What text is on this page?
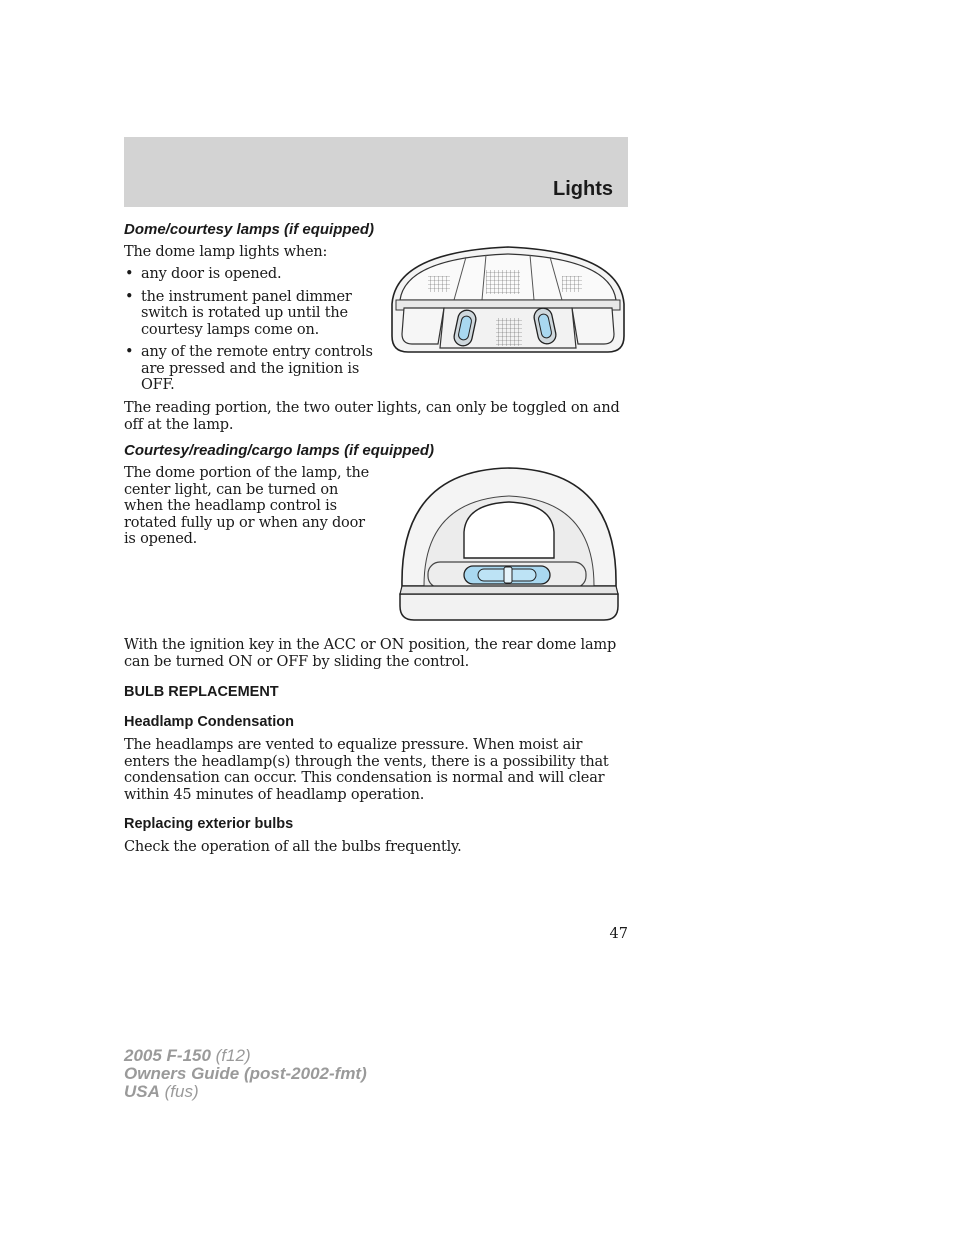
Lights
Dome/courtesy lamps (if equipped)

The dome lamp lights when:

• any door is opened.
• the instrument panel dimmer switch is rotated up until the courtesy lamps come on.
• any of the remote entry controls are pressed and the ignition is OFF.

The reading portion, the two outer lights, can only be toggled on and off at the lamp.

Courtesy/reading/cargo lamps (if equipped)

The dome portion of the lamp, the center light, can be turned on when the headlamp control is rotated fully up or when any door is opened.

With the ignition key in the ACC or ON position, the rear dome lamp can be turned ON or OFF by sliding the control.

BULB REPLACEMENT
Headlamp Condensation

The headlamps are vented to equalize pressure. When moist air enters the headlamp(s) through the vents, there is a possibility that condensation can occur. This condensation is normal and will clear within 45 minutes of headlamp operation.

Replacing exterior bulbs

Check the operation of all the bulbs frequently.

47
2005 F-150 (f12)
Owners Guide (post-2002-fmt)
USA (fus)
